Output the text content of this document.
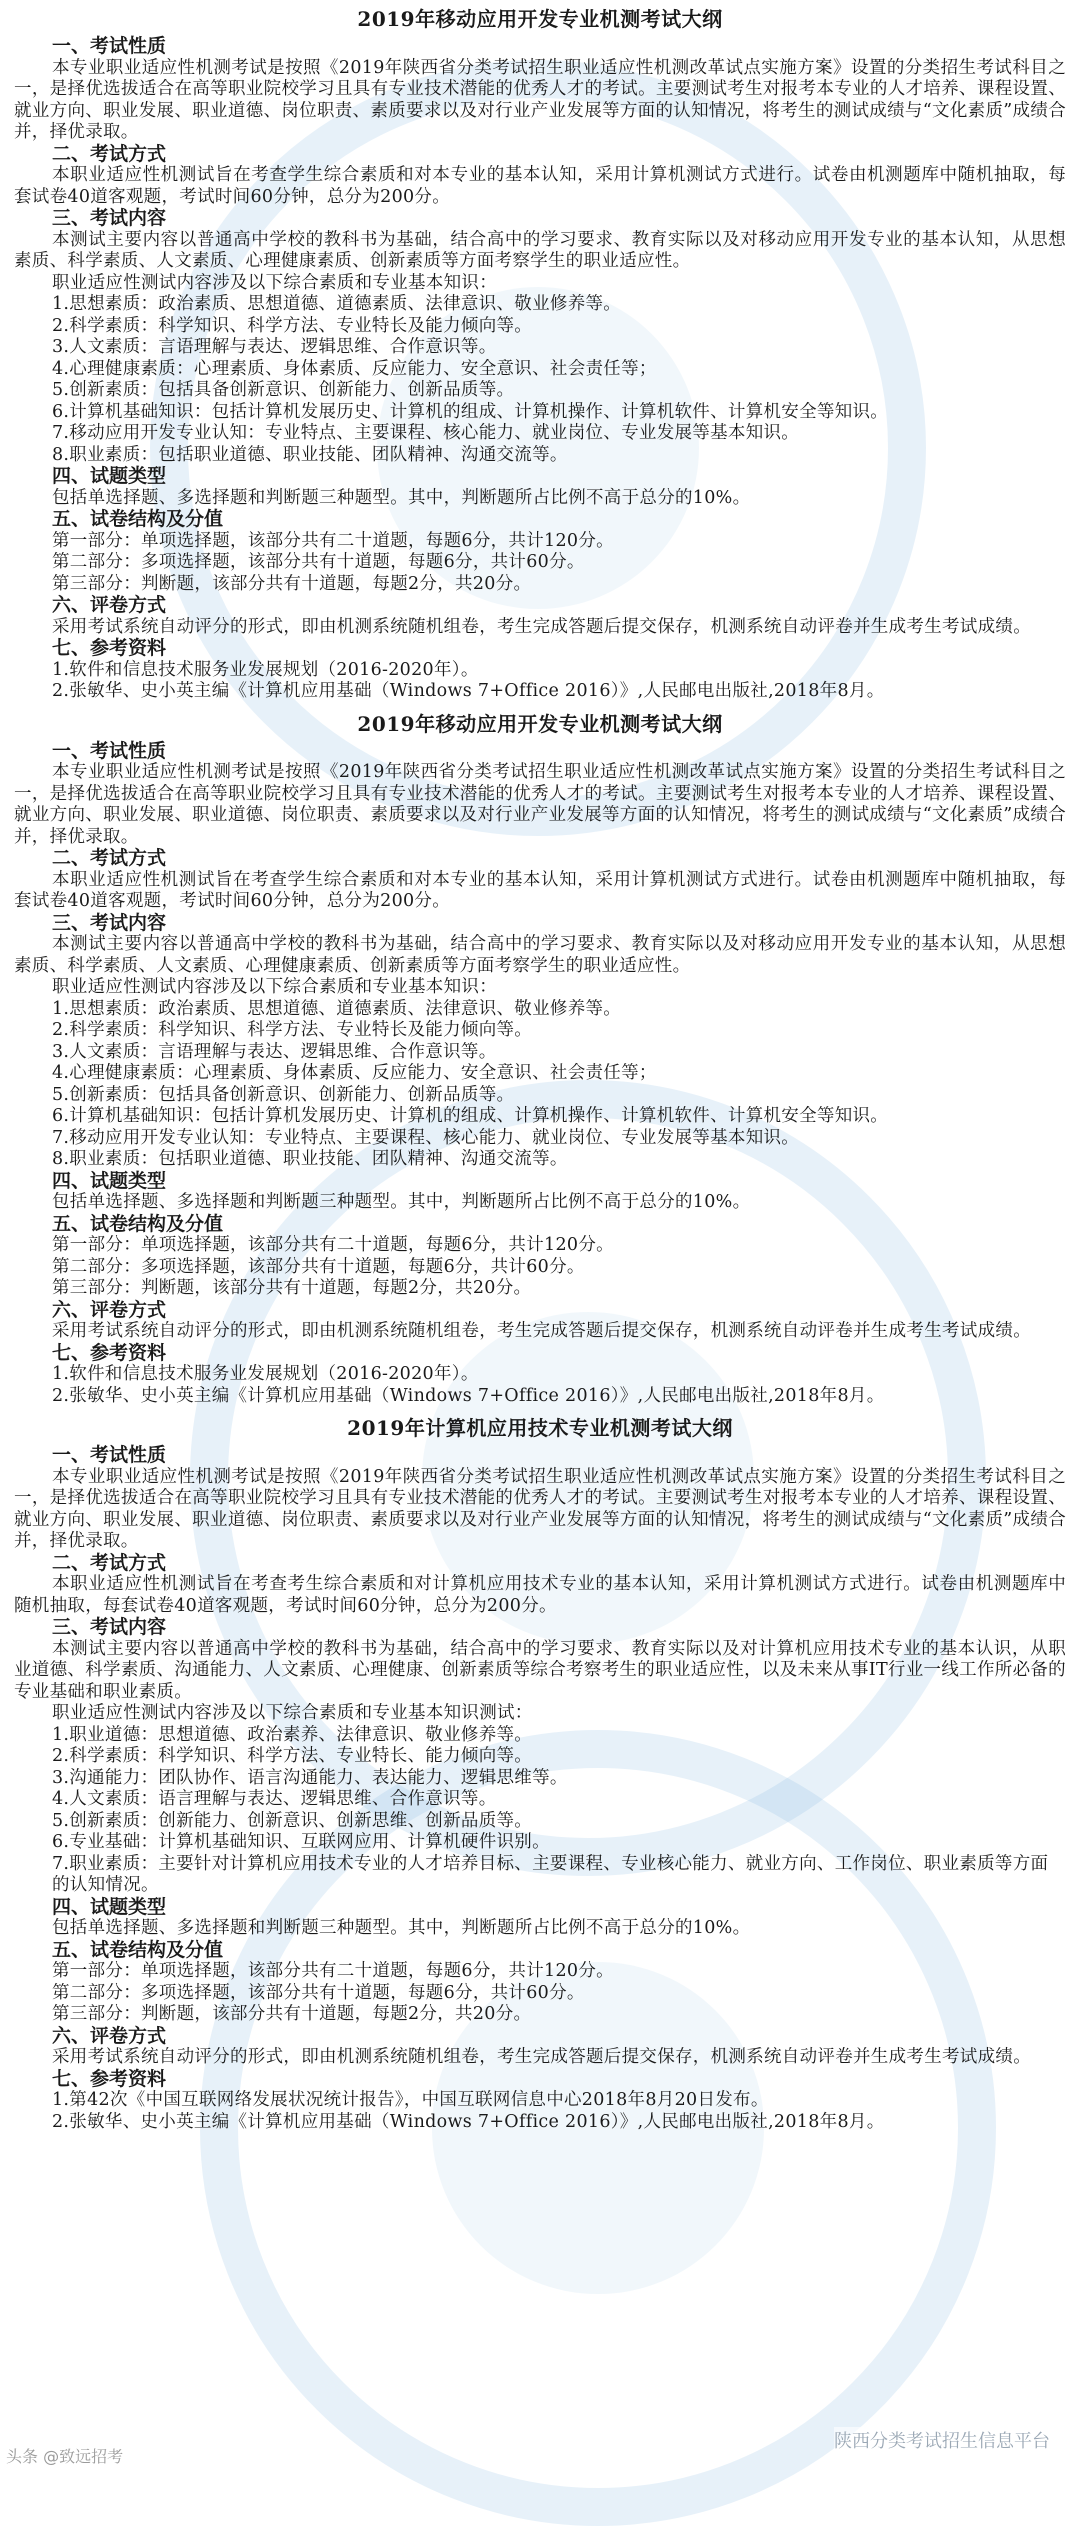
2019年移动应用开发专业机测考试大纲
一、考试性质
本专业职业适应性机测考试是按照《2019年陕西省分类考试招生职业适应性机测改革试点实施方案》设置的分类招生考试科目之一，是择优选拔适合在高等职业院校学习且具有专业技术潜能的优秀人才的考试。主要测试考生对报考本专业的人才培养、课程设置、就业方向、职业发展、职业道德、岗位职责、素质要求以及对行业产业发展等方面的认知情况，将考生的测试成绩与“文化素质”成绩合并，择优录取。
二、考试方式
本职业适应性机测试旨在考查学生综合素质和对本专业的基本认知，采用计算机测试方式进行。试卷由机测题库中随机抽取，每套试卷40道客观题，考试时间60分钟，总分为200分。
三、考试内容
本测试主要内容以普通高中学校的教科书为基础，结合高中的学习要求、教育实际以及对移动应用开发专业的基本认知，从思想素质、科学素质、人文素质、心理健康素质、创新素质等方面考察学生的职业适应性。
职业适应性测试内容涉及以下综合素质和专业基本知识：
1.思想素质：政治素质、思想道德、道德素质、法律意识、敬业修养等。
2.科学素质：科学知识、科学方法、专业特长及能力倾向等。
3.人文素质：言语理解与表达、逻辑思维、合作意识等。
4.心理健康素质：心理素质、身体素质、反应能力、安全意识、社会责任等；
5.创新素质：包括具备创新意识、创新能力、创新品质等。
6.计算机基础知识：包括计算机发展历史、计算机的组成、计算机操作、计算机软件、计算机安全等知识。
7.移动应用开发专业认知：专业特点、主要课程、核心能力、就业岗位、专业发展等基本知识。
8.职业素质：包括职业道德、职业技能、团队精神、沟通交流等。
四、试题类型
包括单选择题、多选择题和判断题三种题型。其中，判断题所占比例不高于总分的10%。
五、试卷结构及分值
第一部分：单项选择题，该部分共有二十道题，每题6分，共计120分。
第二部分：多项选择题，该部分共有十道题，每题6分，共计60分。
第三部分：判断题，该部分共有十道题，每题2分，共20分。
六、评卷方式
采用考试系统自动评分的形式，即由机测系统随机组卷，考生完成答题后提交保存，机测系统自动评卷并生成考生考试成绩。
七、参考资料
1.软件和信息技术服务业发展规划（2016-2020年）。
2.张敏华、史小英主编《计算机应用基础（Windows 7+Office 2016）》,人民邮电出版社,2018年8月。
2019年移动应用开发专业机测考试大纲
一、考试性质
本专业职业适应性机测考试是按照《2019年陕西省分类考试招生职业适应性机测改革试点实施方案》设置的分类招生考试科目之一，是择优选拔适合在高等职业院校学习且具有专业技术潜能的优秀人才的考试。主要测试考生对报考本专业的人才培养、课程设置、就业方向、职业发展、职业道德、岗位职责、素质要求以及对行业产业发展等方面的认知情况，将考生的测试成绩与“文化素质”成绩合并，择优录取。
二、考试方式
本职业适应性机测试旨在考查学生综合素质和对本专业的基本认知，采用计算机测试方式进行。试卷由机测题库中随机抽取，每套试卷40道客观题，考试时间60分钟，总分为200分。
三、考试内容
本测试主要内容以普通高中学校的教科书为基础，结合高中的学习要求、教育实际以及对移动应用开发专业的基本认知，从思想素质、科学素质、人文素质、心理健康素质、创新素质等方面考察学生的职业适应性。
职业适应性测试内容涉及以下综合素质和专业基本知识：
1.思想素质：政治素质、思想道德、道德素质、法律意识、敬业修养等。
2.科学素质：科学知识、科学方法、专业特长及能力倾向等。
3.人文素质：言语理解与表达、逻辑思维、合作意识等。
4.心理健康素质：心理素质、身体素质、反应能力、安全意识、社会责任等；
5.创新素质：包括具备创新意识、创新能力、创新品质等。
6.计算机基础知识：包括计算机发展历史、计算机的组成、计算机操作、计算机软件、计算机安全等知识。
7.移动应用开发专业认知：专业特点、主要课程、核心能力、就业岗位、专业发展等基本知识。
8.职业素质：包括职业道德、职业技能、团队精神、沟通交流等。
四、试题类型
包括单选择题、多选择题和判断题三种题型。其中，判断题所占比例不高于总分的10%。
五、试卷结构及分值
第一部分：单项选择题，该部分共有二十道题，每题6分，共计120分。
第二部分：多项选择题，该部分共有十道题，每题6分，共计60分。
第三部分：判断题，该部分共有十道题，每题2分，共20分。
六、评卷方式
采用考试系统自动评分的形式，即由机测系统随机组卷，考生完成答题后提交保存，机测系统自动评卷并生成考生考试成绩。
七、参考资料
1.软件和信息技术服务业发展规划（2016-2020年）。
2.张敏华、史小英主编《计算机应用基础（Windows 7+Office 2016）》,人民邮电出版社,2018年8月。
2019年计算机应用技术专业机测考试大纲
一、考试性质
本专业职业适应性机测考试是按照《2019年陕西省分类考试招生职业适应性机测改革试点实施方案》设置的分类招生考试科目之一，是择优选拔适合在高等职业院校学习且具有专业技术潜能的优秀人才的考试。主要测试考生对报考本专业的人才培养、课程设置、就业方向、职业发展、职业道德、岗位职责、素质要求以及对行业产业发展等方面的认知情况，将考生的测试成绩与“文化素质”成绩合并，择优录取。
二、考试方式
本职业适应性机测试旨在考查考生综合素质和对计算机应用技术专业的基本认知，采用计算机测试方式进行。试卷由机测题库中随机抽取，每套试卷40道客观题，考试时间60分钟，总分为200分。
三、考试内容
本测试主要内容以普通高中学校的教科书为基础，结合高中的学习要求、教育实际以及对计算机应用技术专业的基本认识，从职业道德、科学素质、沟通能力、人文素质、心理健康、创新素质等综合考察考生的职业适应性，以及未来从事IT行业一线工作所必备的专业基础和职业素质。
职业适应性测试内容涉及以下综合素质和专业基本知识测试：
1.职业道德：思想道德、政治素养、法律意识、敬业修养等。
2.科学素质：科学知识、科学方法、专业特长、能力倾向等。
3.沟通能力：团队协作、语言沟通能力、表达能力、逻辑思维等。
4.人文素质：语言理解与表达、逻辑思维、合作意识等。
5.创新素质：创新能力、创新意识、创新思维、创新品质等。
6.专业基础：计算机基础知识、互联网应用、计算机硬件识别。
7.职业素质：主要针对计算机应用技术专业的人才培养目标、主要课程、专业核心能力、就业方向、工作岗位、职业素质等方面的认知情况。
四、试题类型
包括单选择题、多选择题和判断题三种题型。其中，判断题所占比例不高于总分的10%。
五、试卷结构及分值
第一部分：单项选择题，该部分共有二十道题，每题6分，共计120分。
第二部分：多项选择题，该部分共有十道题，每题6分，共计60分。
第三部分：判断题，该部分共有十道题，每题2分，共20分。
六、评卷方式
采用考试系统自动评分的形式，即由机测系统随机组卷，考生完成答题后提交保存，机测系统自动评卷并生成考生考试成绩。
七、参考资料
1.第42次《中国互联网络发展状况统计报告》，中国互联网信息中心2018年8月20日发布。
2.张敏华、史小英主编《计算机应用基础（Windows 7+Office 2016）》,人民邮电出版社,2018年8月。
头条 @致远招考
陕西分类考试招生信息平台
